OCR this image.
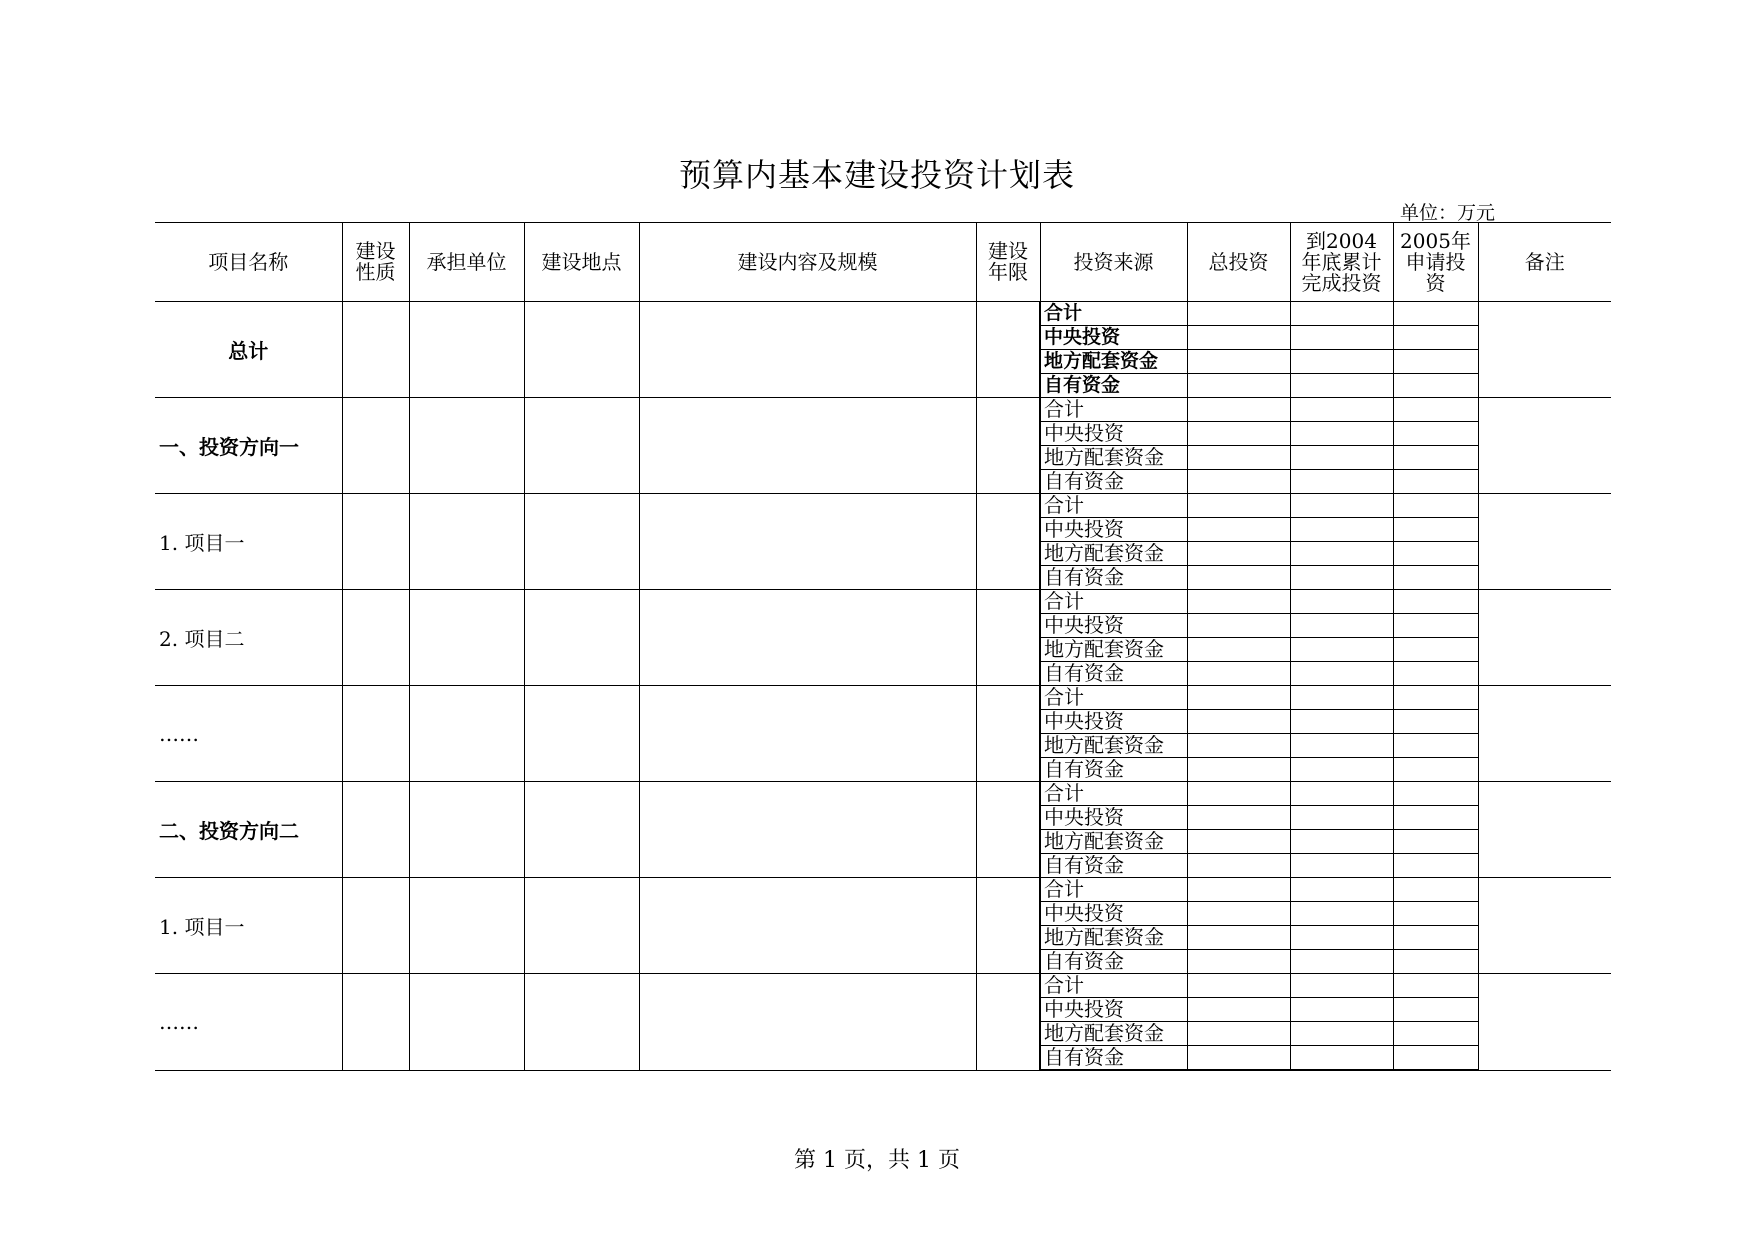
预算内基本建设投资计划表
单位：万元
项目名称	建设性质	承担单位	建设地点	建设内容及规模	建设年限	投资来源	总投资	到2004年底累计完成投资	2005年申请投资	备注
总计						合计				
						中央投资				
						地方配套资金				
						自有资金				
一、投资方向一						合计				
						中央投资				
						地方配套资金				
						自有资金				
1. 项目一						合计				
						中央投资				
						地方配套资金				
						自有资金				
2. 项目二						合计				
						中央投资				
						地方配套资金				
						自有资金				
……						合计				
						中央投资				
						地方配套资金				
						自有资金				
二、投资方向二						合计				
						中央投资				
						地方配套资金				
						自有资金				
1. 项目一						合计				
						中央投资				
						地方配套资金				
						自有资金				
……						合计				
						中央投资				
						地方配套资金				
						自有资金				
第 1 页，共 1 页
